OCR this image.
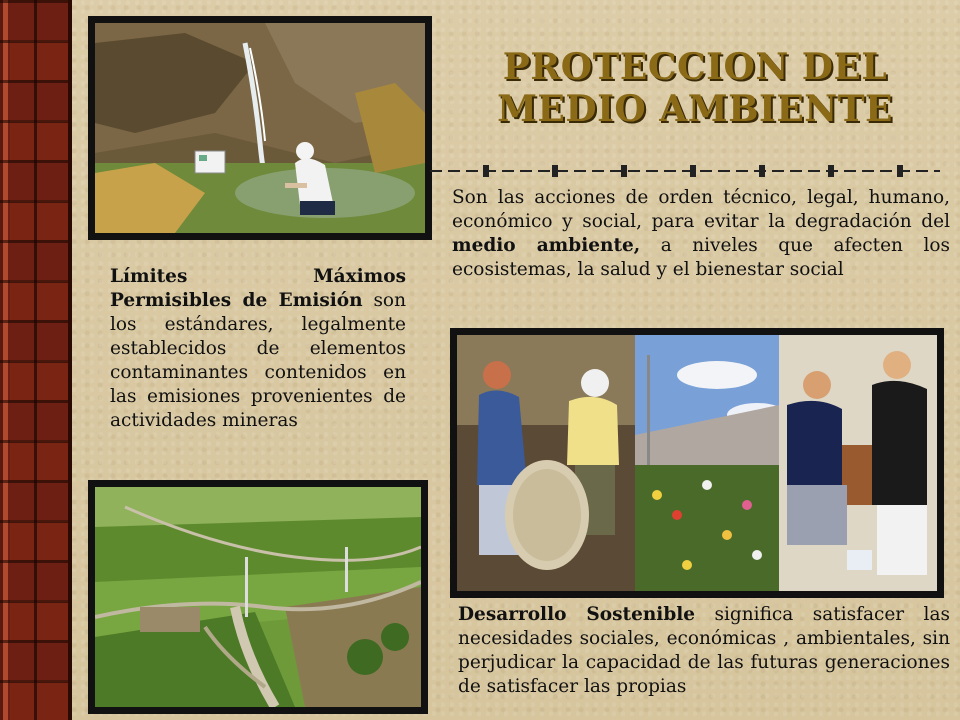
PROTECCION DEL
MEDIO AMBIENTE
Son las acciones de orden técnico, legal, humano, económico y social, para evitar la degradación del medio ambiente, a niveles que afecten los ecosistemas, la salud y el bienestar social
Límites Máximos Permisibles de Emisión son los estándares, legalmente establecidos de elementos contaminantes contenidos en las emisiones provenientes de actividades mineras
Desarrollo Sostenible significa satisfacer las necesidades sociales, económicas , ambientales, sin perjudicar la capacidad de las futuras generaciones de satisfacer las propias
